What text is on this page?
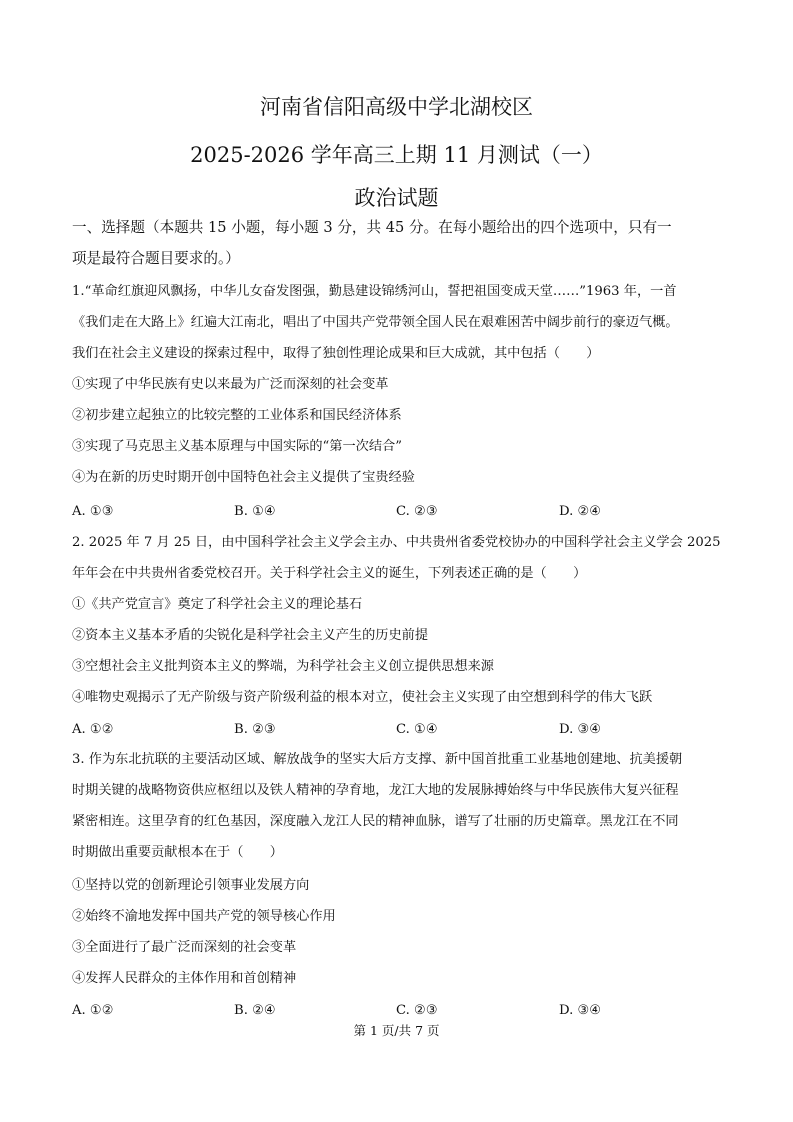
河南省信阳高级中学北湖校区
2025-2026 学年高三上期 11 月测试（一）
政治试题
一、选择题（本题共 15 小题，每小题 3 分，共 45 分。在每小题给出的四个选项中，只有一
项是最符合题目要求的。）
1.“革命红旗迎风飘扬，中华儿女奋发图强，勤恳建设锦绣河山，誓把祖国变成天堂……”1963 年，一首
《我们走在大路上》红遍大江南北，唱出了中国共产党带领全国人民在艰难困苦中阔步前行的豪迈气概。
我们在社会主义建设的探索过程中，取得了独创性理论成果和巨大成就，其中包括（　　）
①实现了中华民族有史以来最为广泛而深刻的社会变革
②初步建立起独立的比较完整的工业体系和国民经济体系
③实现了马克思主义基本原理与中国实际的“第一次结合”
④为在新的历史时期开创中国特色社会主义提供了宝贵经验
A. ①③	B. ①④	C. ②③	D. ②④
2. 2025 年 7 月 25 日，由中国科学社会主义学会主办、中共贵州省委党校协办的中国科学社会主义学会 2025
年年会在中共贵州省委党校召开。关于科学社会主义的诞生，下列表述正确的是（　　）
①《共产党宣言》奠定了科学社会主义的理论基石
②资本主义基本矛盾的尖锐化是科学社会主义产生的历史前提
③空想社会主义批判资本主义的弊端，为科学社会主义创立提供思想来源
④唯物史观揭示了无产阶级与资产阶级利益的根本对立，使社会主义实现了由空想到科学的伟大飞跃
A. ①②	B. ②③	C. ①④	D. ③④
3. 作为东北抗联的主要活动区域、解放战争的坚实大后方支撑、新中国首批重工业基地创建地、抗美援朝
时期关键的战略物资供应枢纽以及铁人精神的孕育地，龙江大地的发展脉搏始终与中华民族伟大复兴征程
紧密相连。这里孕育的红色基因，深度融入龙江人民的精神血脉，谱写了壮丽的历史篇章。黑龙江在不同
时期做出重要贡献根本在于（　　）
①坚持以党的创新理论引领事业发展方向
②始终不渝地发挥中国共产党的领导核心作用
③全面进行了最广泛而深刻的社会变革
④发挥人民群众的主体作用和首创精神
A. ①②	B. ②④	C. ②③	D. ③④
第 1 页/共 7 页
